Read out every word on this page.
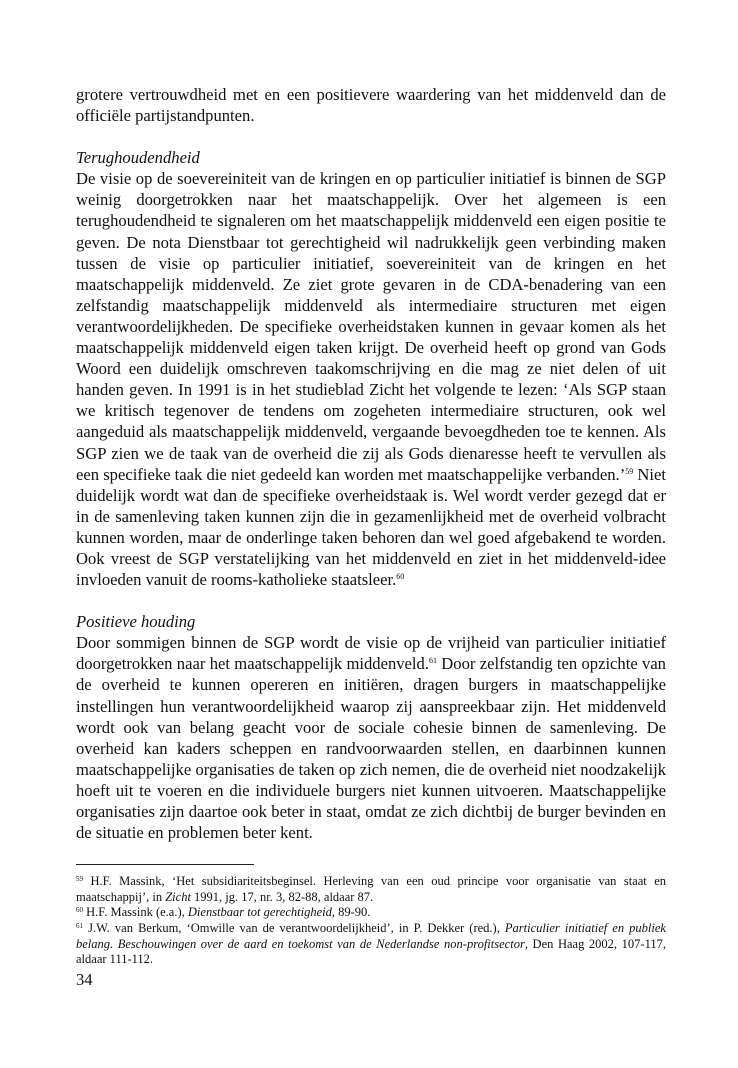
grotere vertrouwdheid met en een positievere waardering van het middenveld dan de officiële partijstandpunten.

Terughoudendheid

De visie op de soevereiniteit van de kringen en op particulier initiatief is binnen de SGP weinig doorgetrokken naar het maatschappelijk. Over het algemeen is een terughoudendheid te signaleren om het maatschappelijk middenveld een eigen positie te geven. De nota Dienstbaar tot gerechtigheid wil nadrukkelijk geen verbinding maken tussen de visie op particulier initiatief, soevereiniteit van de kringen en het maatschappelijk middenveld. Ze ziet grote gevaren in de CDA-benadering van een zelfstandig maatschappelijk middenveld als intermediaire structuren met eigen verantwoordelijkheden. De specifieke overheidstaken kunnen in gevaar komen als het maatschappelijk middenveld eigen taken krijgt. De overheid heeft op grond van Gods Woord een duidelijk omschreven taakomschrijving en die mag ze niet delen of uit handen geven. In 1991 is in het studieblad Zicht het volgende te lezen: ‘Als SGP staan we kritisch tegenover de tendens om zogeheten intermediaire structuren, ook wel aangeduid als maatschappelijk middenveld, vergaande bevoegdheden toe te kennen. Als SGP zien we de taak van de overheid die zij als Gods dienaresse heeft te vervullen als een specifieke taak die niet gedeeld kan worden met maatschappelijke verbanden.’$^{59}$ Niet duidelijk wordt wat dan de specifieke overheidstaak is. Wel wordt verder gezegd dat er in de samenleving taken kunnen zijn die in gezamenlijkheid met de overheid volbracht kunnen worden, maar de onderlinge taken behoren dan wel goed afgebakend te worden. Ook vreest de SGP verstatelijking van het middenveld en ziet in het middenveld-idee invloeden vanuit de rooms-katholieke staatsleer.$^{60}$

Positieve houding

Door sommigen binnen de SGP wordt de visie op de vrijheid van particulier initiatief doorgetrokken naar het maatschappelijk middenveld.$^{61}$ Door zelfstandig ten opzichte van de overheid te kunnen opereren en initiëren, dragen burgers in maatschappelijke instellingen hun verantwoordelijkheid waarop zij aanspreekbaar zijn. Het middenveld wordt ook van belang geacht voor de sociale cohesie binnen de samenleving. De overheid kan kaders scheppen en randvoorwaarden stellen, en daarbinnen kunnen maatschappelijke organisaties de taken op zich nemen, die de overheid niet noodzakelijk hoeft uit te voeren en die individuele burgers niet kunnen uitvoeren. Maatschappelijke organisaties zijn daartoe ook beter in staat, omdat ze zich dichtbij de burger bevinden en de situatie en problemen beter kent.

$^{59}$ H.F. Massink, ‘Het subsidiariteitsbeginsel. Herleving van een oud principe voor organisatie van staat en maatschappij’, in Zicht 1991, jg. 17, nr. 3, 82-88, aldaar 87.

$^{60}$ H.F. Massink (e.a.), Dienstbaar tot gerechtigheid, 89-90.

$^{61}$ J.W. van Berkum, ‘Omwille van de verantwoordelijkheid’, in P. Dekker (red.), Particulier initiatief en publiek belang. Beschouwingen over de aard en toekomst van de Nederlandse non-profitsector, Den Haag 2002, 107-117, aldaar 111-112.

34
